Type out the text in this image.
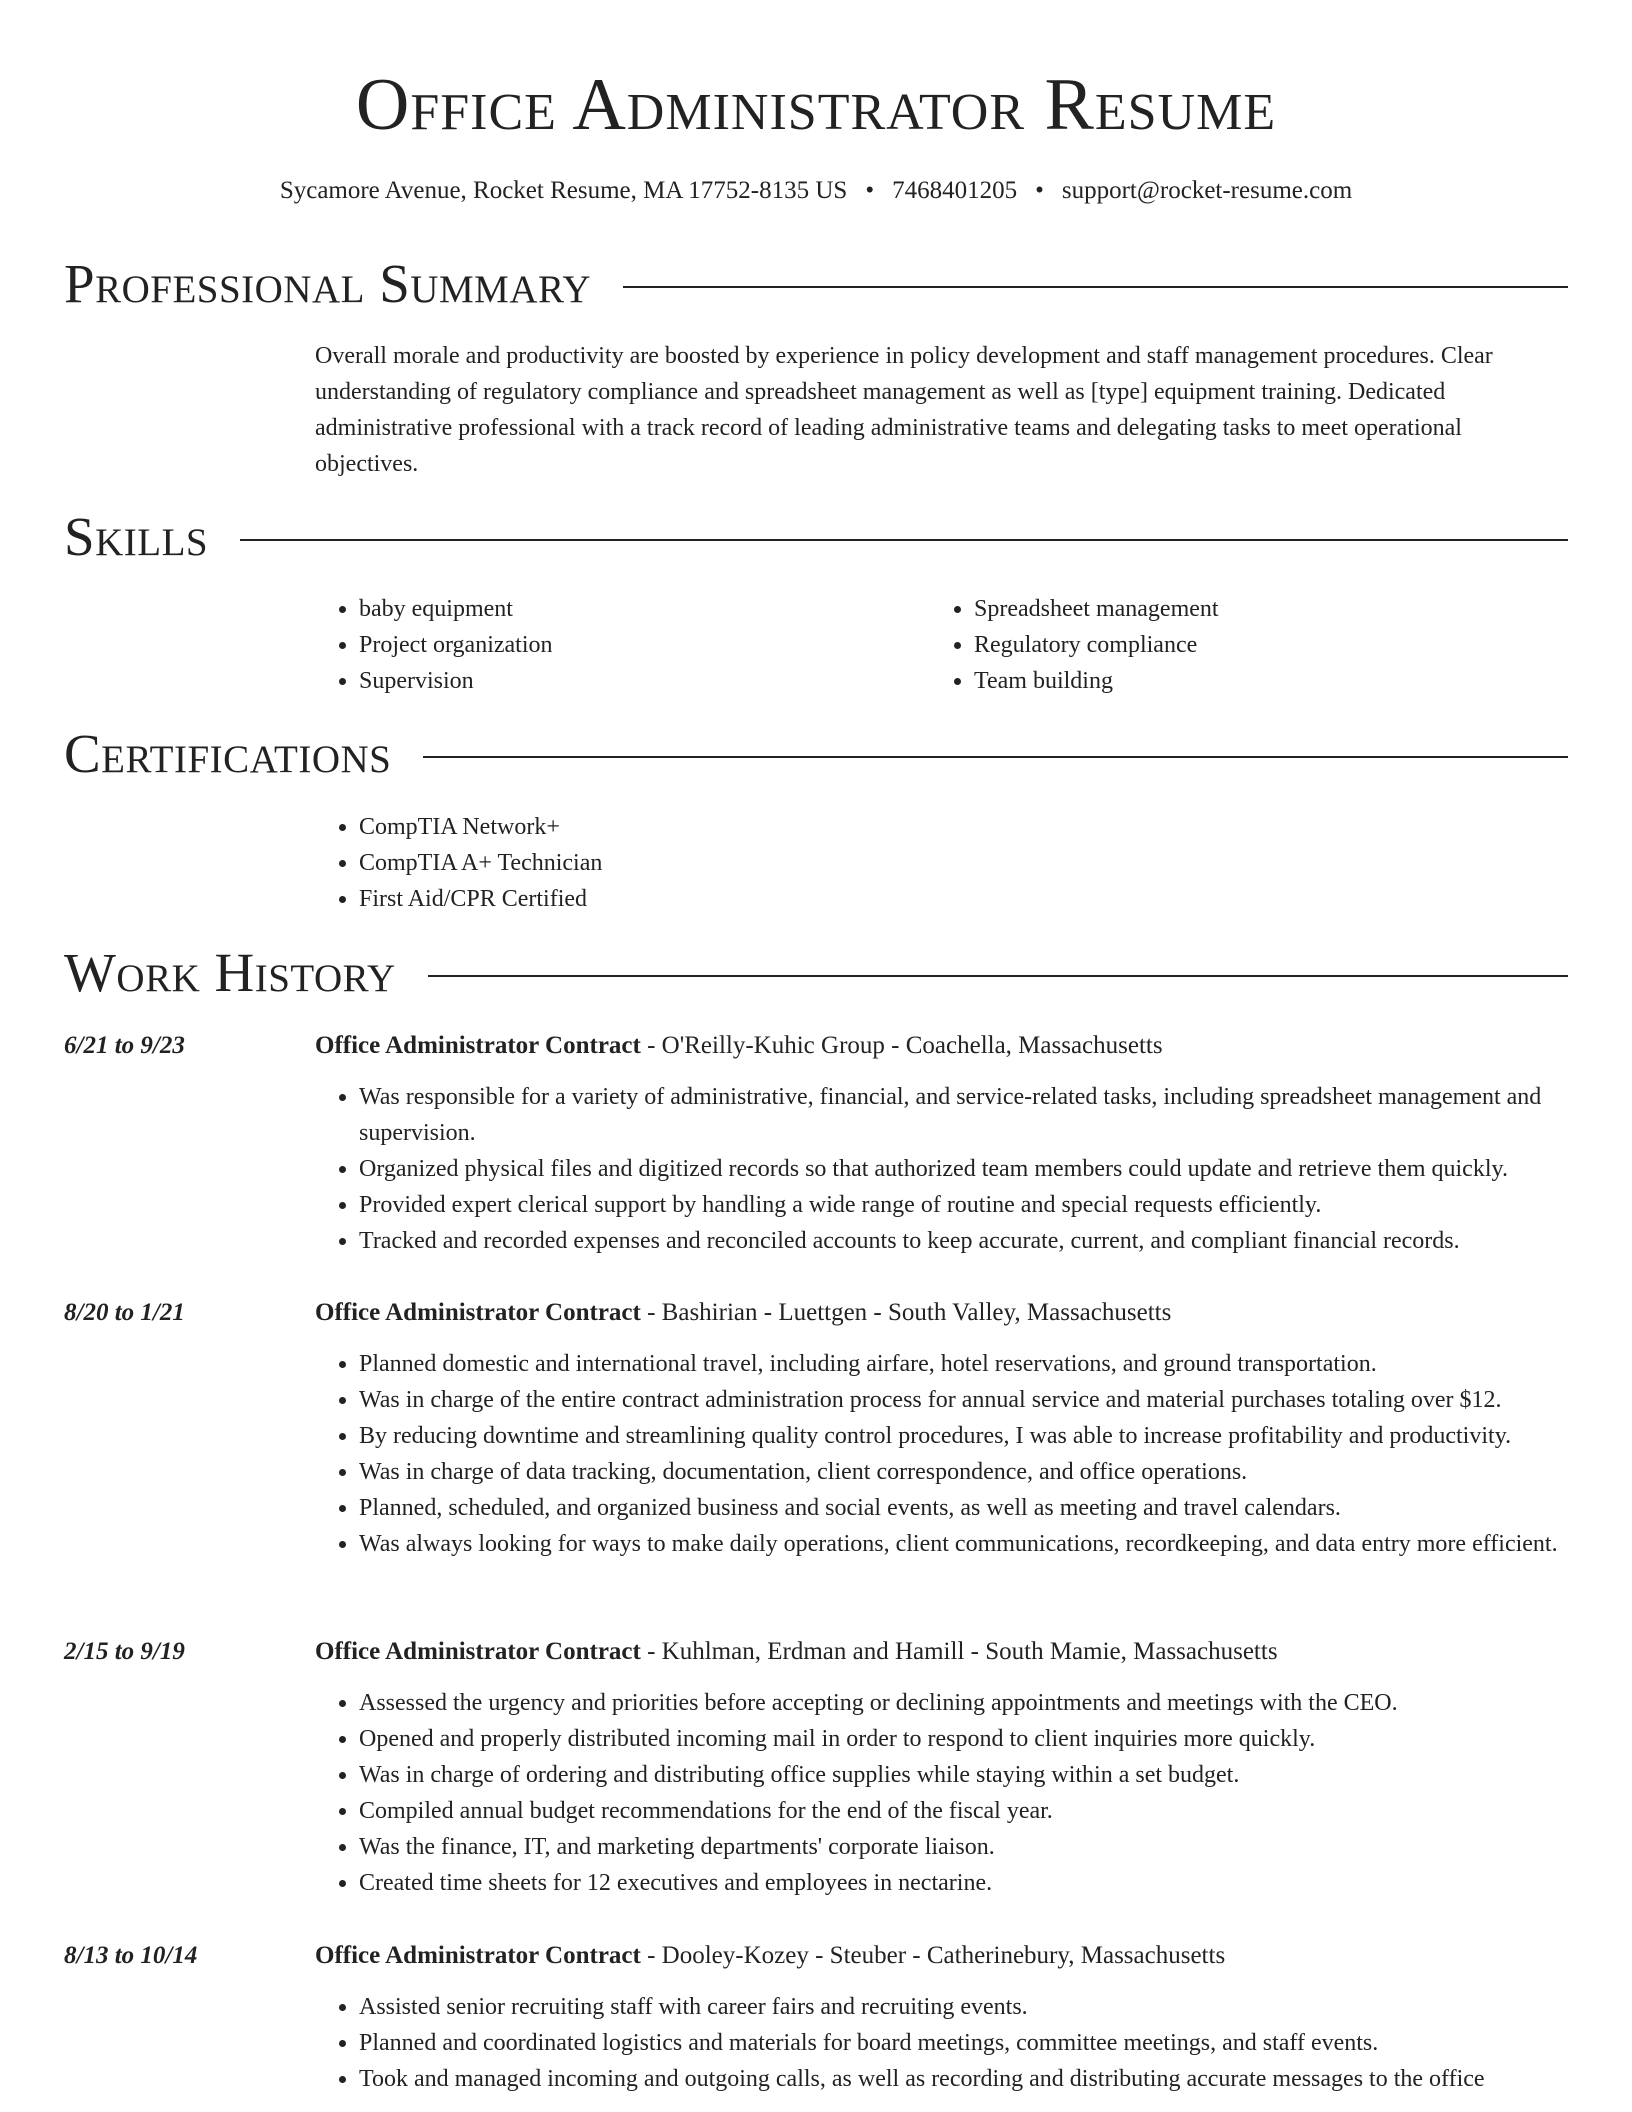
Office Administrator Resume
Sycamore Avenue, Rocket Resume, MA 17752-8135 US • 7468401205 • support@rocket-resume.com
Professional Summary

Overall morale and productivity are boosted by experience in policy development and staff management procedures. Clear understanding of regulatory compliance and spreadsheet management as well as [type] equipment training. Dedicated administrative professional with a track record of leading administrative teams and delegating tasks to meet operational objectives.

Skills
• baby equipment
• Project organization
• Supervision
• Spreadsheet management
• Regulatory compliance
• Team building
Certifications
• CompTIA Network+
• CompTIA A+ Technician
• First Aid/CPR Certified
Work History
6/21 to 9/23	Office Administrator Contract - O'Reilly-Kuhic Group - Coachella, Massachusetts
• Was responsible for a variety of administrative, financial, and service-related tasks, including spreadsheet management and supervision.
• Organized physical files and digitized records so that authorized team members could update and retrieve them quickly.
• Provided expert clerical support by handling a wide range of routine and special requests efficiently.
• Tracked and recorded expenses and reconciled accounts to keep accurate, current, and compliant financial records.
8/20 to 1/21	Office Administrator Contract - Bashirian - Luettgen - South Valley, Massachusetts
• Planned domestic and international travel, including airfare, hotel reservations, and ground transportation.
• Was in charge of the entire contract administration process for annual service and material purchases totaling over $12.
• By reducing downtime and streamlining quality control procedures, I was able to increase profitability and productivity.
• Was in charge of data tracking, documentation, client correspondence, and office operations.
• Planned, scheduled, and organized business and social events, as well as meeting and travel calendars.
• Was always looking for ways to make daily operations, client communications, recordkeeping, and data entry more efficient.
2/15 to 9/19	Office Administrator Contract - Kuhlman, Erdman and Hamill - South Mamie, Massachusetts
• Assessed the urgency and priorities before accepting or declining appointments and meetings with the CEO.
• Opened and properly distributed incoming mail in order to respond to client inquiries more quickly.
• Was in charge of ordering and distributing office supplies while staying within a set budget.
• Compiled annual budget recommendations for the end of the fiscal year.
• Was the finance, IT, and marketing departments' corporate liaison.
• Created time sheets for 12 executives and employees in nectarine.
8/13 to 10/14	Office Administrator Contract - Dooley-Kozey - Steuber - Catherinebury, Massachusetts
• Assisted senior recruiting staff with career fairs and recruiting events.
• Planned and coordinated logistics and materials for board meetings, committee meetings, and staff events.
• Took and managed incoming and outgoing calls, as well as recording and distributing accurate messages to the office
